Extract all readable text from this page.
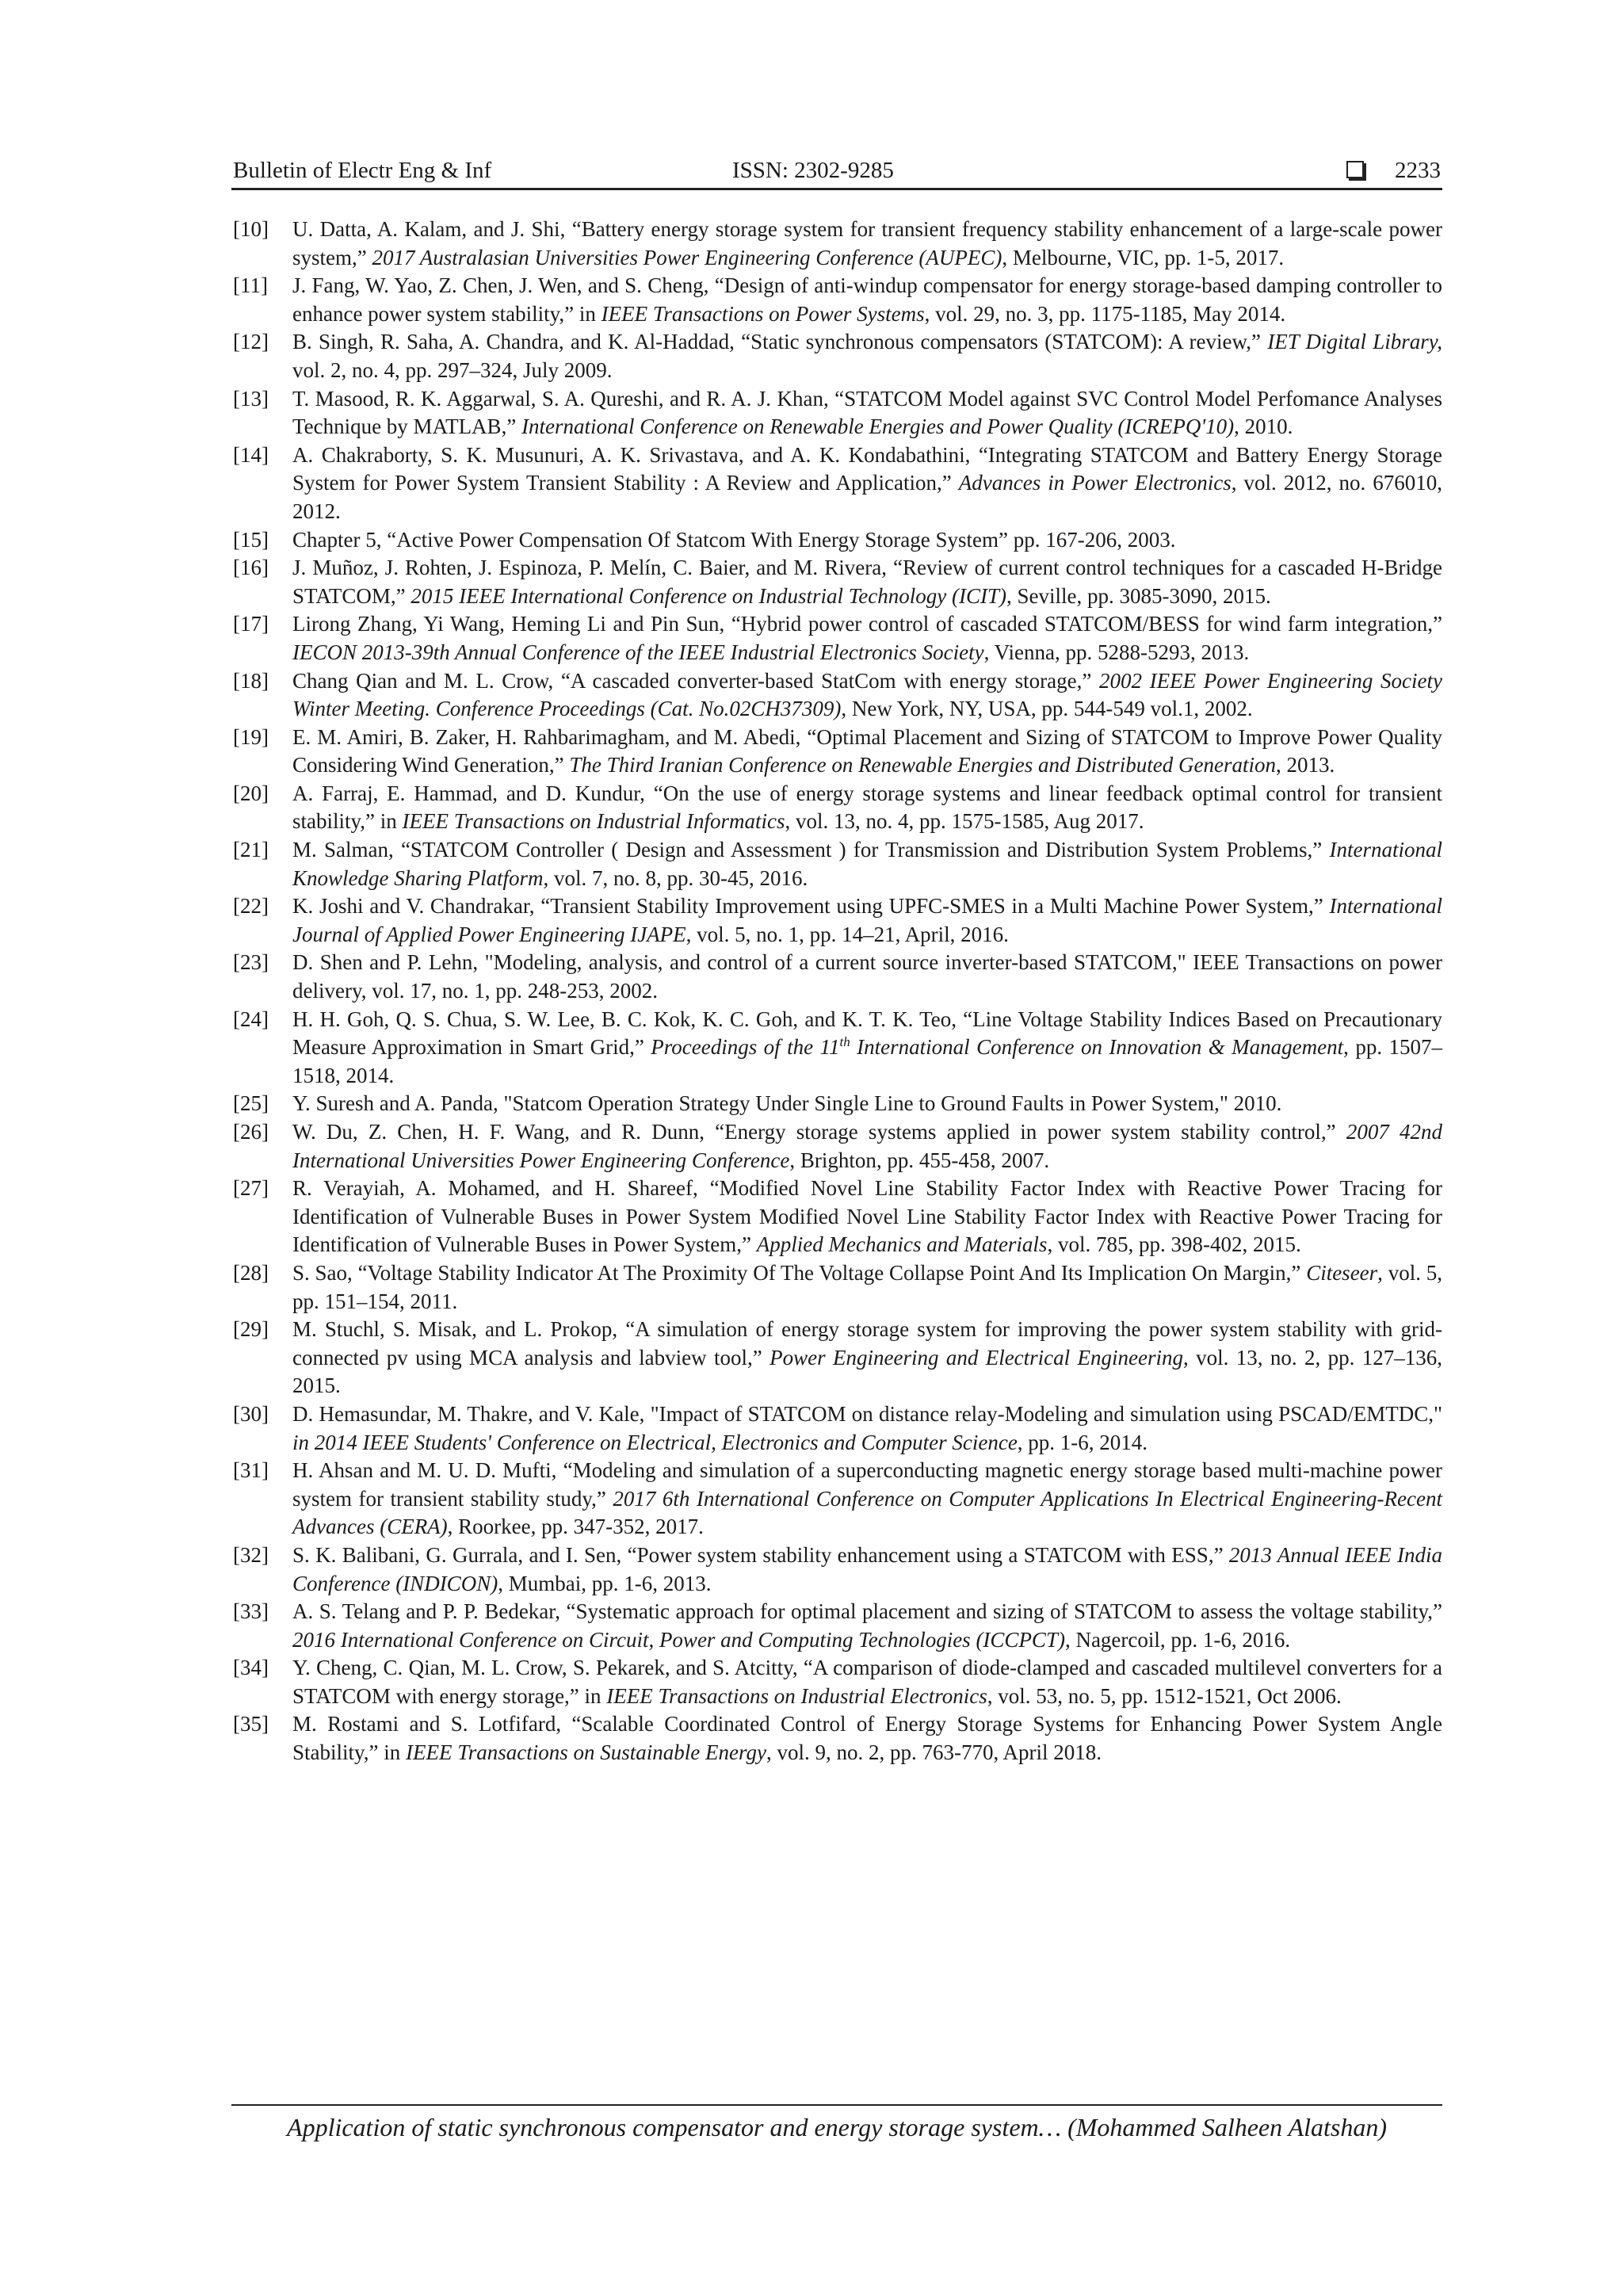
Bulletin of Electr Eng & Inf	ISSN: 2302-9285	2233
[10] U. Datta, A. Kalam, and J. Shi, “Battery energy storage system for transient frequency stability enhancement of a large-scale power system,” 2017 Australasian Universities Power Engineering Conference (AUPEC), Melbourne, VIC, pp. 1-5, 2017.
[11] J. Fang, W. Yao, Z. Chen, J. Wen, and S. Cheng, “Design of anti-windup compensator for energy storage-based damping controller to enhance power system stability,” in IEEE Transactions on Power Systems, vol. 29, no. 3, pp. 1175-1185, May 2014.
[12] B. Singh, R. Saha, A. Chandra, and K. Al-Haddad, “Static synchronous compensators (STATCOM): A review,” IET Digital Library, vol. 2, no. 4, pp. 297–324, July 2009.
[13] T. Masood, R. K. Aggarwal, S. A. Qureshi, and R. A. J. Khan, “STATCOM Model against SVC Control Model Perfomance Analyses Technique by MATLAB,” International Conference on Renewable Energies and Power Quality (ICREPQ'10), 2010.
[14] A. Chakraborty, S. K. Musunuri, A. K. Srivastava, and A. K. Kondabathini, “Integrating STATCOM and Battery Energy Storage System for Power System Transient Stability : A Review and Application,” Advances in Power Electronics, vol. 2012, no. 676010, 2012.
[15] Chapter 5, “Active Power Compensation Of Statcom With Energy Storage System” pp. 167-206, 2003.
[16] J. Muñoz, J. Rohten, J. Espinoza, P. Melín, C. Baier, and M. Rivera, “Review of current control techniques for a cascaded H-Bridge STATCOM,” 2015 IEEE International Conference on Industrial Technology (ICIT), Seville, pp. 3085-3090, 2015.
[17] Lirong Zhang, Yi Wang, Heming Li and Pin Sun, “Hybrid power control of cascaded STATCOM/BESS for wind farm integration,” IECON 2013-39th Annual Conference of the IEEE Industrial Electronics Society, Vienna, pp. 5288-5293, 2013.
[18] Chang Qian and M. L. Crow, “A cascaded converter-based StatCom with energy storage,” 2002 IEEE Power Engineering Society Winter Meeting. Conference Proceedings (Cat. No.02CH37309), New York, NY, USA, pp. 544-549 vol.1, 2002.
[19] E. M. Amiri, B. Zaker, H. Rahbarimagham, and M. Abedi, “Optimal Placement and Sizing of STATCOM to Improve Power Quality Considering Wind Generation,” The Third Iranian Conference on Renewable Energies and Distributed Generation, 2013.
[20] A. Farraj, E. Hammad, and D. Kundur, “On the use of energy storage systems and linear feedback optimal control for transient stability,” in IEEE Transactions on Industrial Informatics, vol. 13, no. 4, pp. 1575-1585, Aug 2017.
[21] M. Salman, “STATCOM Controller ( Design and Assessment ) for Transmission and Distribution System Problems,” International Knowledge Sharing Platform, vol. 7, no. 8, pp. 30-45, 2016.
[22] K. Joshi and V. Chandrakar, “Transient Stability Improvement using UPFC-SMES in a Multi Machine Power System,” International Journal of Applied Power Engineering IJAPE, vol. 5, no. 1, pp. 14–21, April, 2016.
[23] D. Shen and P. Lehn, "Modeling, analysis, and control of a current source inverter-based STATCOM," IEEE Transactions on power delivery, vol. 17, no. 1, pp. 248-253, 2002.
[24] H. H. Goh, Q. S. Chua, S. W. Lee, B. C. Kok, K. C. Goh, and K. T. K. Teo, “Line Voltage Stability Indices Based on Precautionary Measure Approximation in Smart Grid,” Proceedings of the 11th International Conference on Innovation & Management, pp. 1507–1518, 2014.
[25] Y. Suresh and A. Panda, "Statcom Operation Strategy Under Single Line to Ground Faults in Power System," 2010.
[26] W. Du, Z. Chen, H. F. Wang, and R. Dunn, “Energy storage systems applied in power system stability control,” 2007 42nd International Universities Power Engineering Conference, Brighton, pp. 455-458, 2007.
[27] R. Verayiah, A. Mohamed, and H. Shareef, “Modified Novel Line Stability Factor Index with Reactive Power Tracing for Identification of Vulnerable Buses in Power System Modified Novel Line Stability Factor Index with Reactive Power Tracing for Identification of Vulnerable Buses in Power System,” Applied Mechanics and Materials, vol. 785, pp. 398-402, 2015.
[28] S. Sao, “Voltage Stability Indicator At The Proximity Of The Voltage Collapse Point And Its Implication On Margin,” Citeseer, vol. 5, pp. 151–154, 2011.
[29] M. Stuchl, S. Misak, and L. Prokop, “A simulation of energy storage system for improving the power system stability with grid-connected pv using MCA analysis and labview tool,” Power Engineering and Electrical Engineering, vol. 13, no. 2, pp. 127–136, 2015.
[30] D. Hemasundar, M. Thakre, and V. Kale, "Impact of STATCOM on distance relay-Modeling and simulation using PSCAD/EMTDC," in 2014 IEEE Students' Conference on Electrical, Electronics and Computer Science, pp. 1-6, 2014.
[31] H. Ahsan and M. U. D. Mufti, “Modeling and simulation of a superconducting magnetic energy storage based multi-machine power system for transient stability study,” 2017 6th International Conference on Computer Applications In Electrical Engineering-Recent Advances (CERA), Roorkee, pp. 347-352, 2017.
[32] S. K. Balibani, G. Gurrala, and I. Sen, “Power system stability enhancement using a STATCOM with ESS,” 2013 Annual IEEE India Conference (INDICON), Mumbai, pp. 1-6, 2013.
[33] A. S. Telang and P. P. Bedekar, “Systematic approach for optimal placement and sizing of STATCOM to assess the voltage stability,” 2016 International Conference on Circuit, Power and Computing Technologies (ICCPCT), Nagercoil, pp. 1-6, 2016.
[34] Y. Cheng, C. Qian, M. L. Crow, S. Pekarek, and S. Atcitty, “A comparison of diode-clamped and cascaded multilevel converters for a STATCOM with energy storage,” in IEEE Transactions on Industrial Electronics, vol. 53, no. 5, pp. 1512-1521, Oct 2006.
[35] M. Rostami and S. Lotfifard, “Scalable Coordinated Control of Energy Storage Systems for Enhancing Power System Angle Stability,” in IEEE Transactions on Sustainable Energy, vol. 9, no. 2, pp. 763-770, April 2018.
Application of static synchronous compensator and energy storage system… (Mohammed Salheen Alatshan)
